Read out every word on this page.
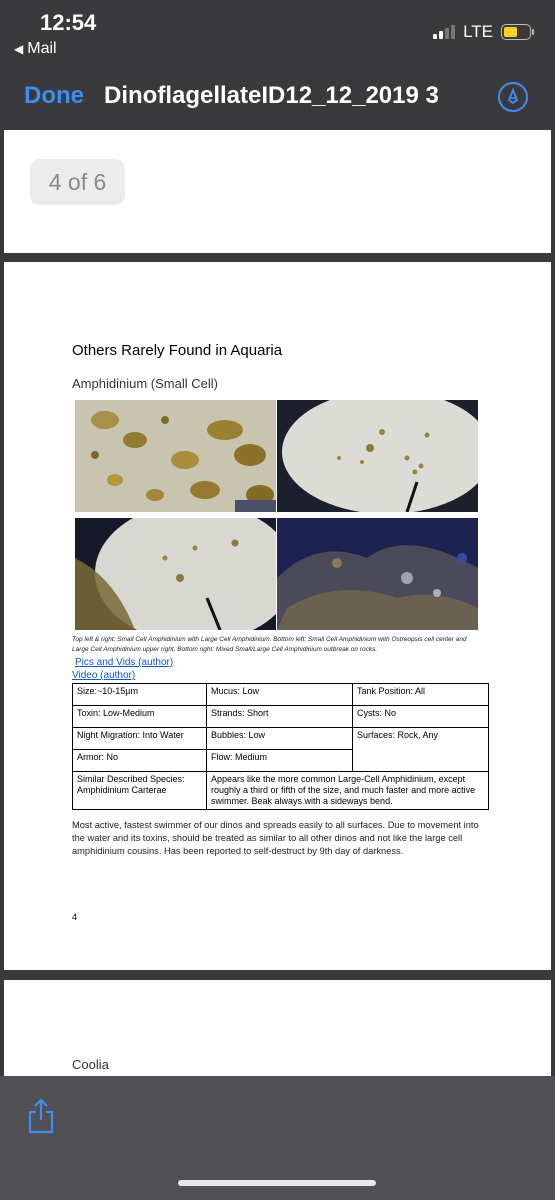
12:54
◀ Mail
LTE
Done DinoflagellateID12_12_2019 3
4 of 6
Others Rarely Found in Aquaria
Amphidinium (Small Cell)
Top left & right: Small Cell Amphidinium with Large Cell Amphidinium. Bottom left: Small Cell Amphidinium with Ostreopsis cell center and Large Cell Amphidinium upper right. Bottom right: Mixed Small/Large Cell Amphidinium outbreak on rocks.
Pics and Vids (author)
Video (author)
Size:~10-15µm	Mucus: Low	Tank Position: All
Toxin: Low-Medium	Strands: Short	Cysts: No
Night Migration: Into Water	Bubbles: Low	Surfaces: Rock, Any
Armor: No	Flow: Medium	
Similar Described Species: Amphidinium Carterae	Appears like the more common Large-Cell Amphidinium, except roughly a third or fifth of the size, and much faster and more active swimmer. Beak always with a sideways bend.	
Most active, fastest swimmer of our dinos and spreads easily to all surfaces. Due to movement into the water and its toxins, should be treated as similar to all other dinos and not like the large cell amphidinium cousins. Has been reported to self-destruct by 9th day of darkness.
4
Coolia
